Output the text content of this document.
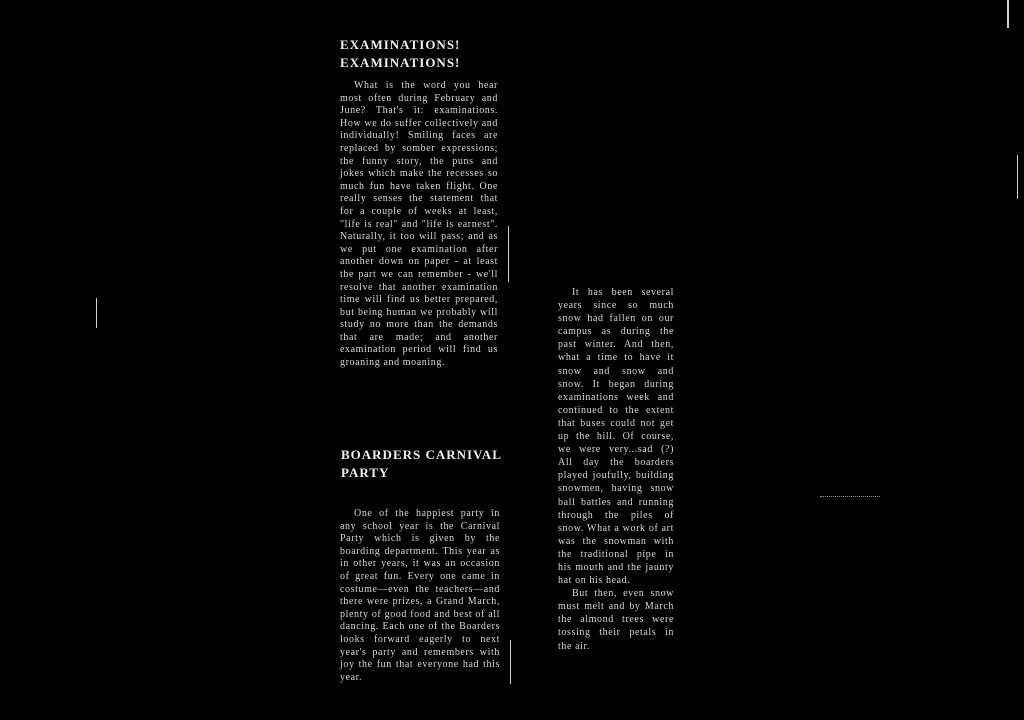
EXAMINATIONS!
EXAMINATIONS!

What is the word you hear most often during February and June? That's it: examinations. How we do suffer collectively and individually! Smiling faces are replaced by somber expressions; the funny story, the puns and jokes which make the recesses so much fun have taken flight. One really senses the statement that for a couple of weeks at least, "life is real" and "life is earnest". Naturally, it too will pass; and as we put one examination after another down on paper - at least the part we can remember - we'll resolve that another examination time will find us better prepared, but being human we probably will study no more than the demands that are made; and another examination period will find us groaning and moaning.

BOARDERS CARNIVAL
PARTY

One of the happiest party in any school year is the Carnival Party which is given by the boarding department. This year as in other years, it was an occasion of great fun. Every one came in costume—even the teachers—and there were prizes, a Grand March, plenty of good food and best of all dancing. Each one of the Boarders looks forward eagerly to next year's party and remembers with joy the fun that everyone had this year.

It has been several years since so much snow had fallen on our campus as during the past winter. And then, what a time to have it snow and snow and snow. It began during examinations week and continued to the extent that buses could not get up the hill. Of course, we were very...sad (?) All day the boarders played joufully, building snowmen, having snow ball battles and running through the piles of snow. What a work of art was the snowman with the traditional pipe in his mouth and the jaunty hat on his head.

But then, even snow must melt and by March the almond trees were tossing their petals in the air.
